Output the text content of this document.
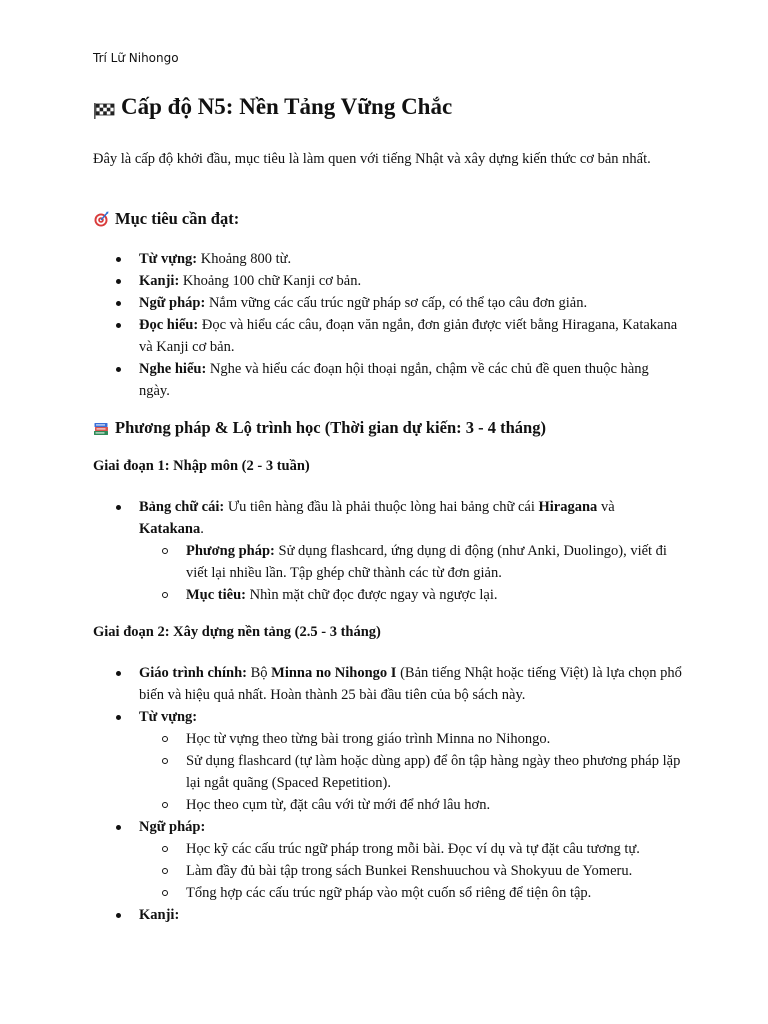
Trí Lữ Nihongo
Cấp độ N5: Nền Tảng Vững Chắc

Đây là cấp độ khởi đầu, mục tiêu là làm quen với tiếng Nhật và xây dựng kiến thức cơ bản nhất.

Mục tiêu cần đạt:
Từ vựng: Khoảng 800 từ.
Kanji: Khoảng 100 chữ Kanji cơ bản.
Ngữ pháp: Nắm vững các cấu trúc ngữ pháp sơ cấp, có thể tạo câu đơn giản.
Đọc hiểu: Đọc và hiểu các câu, đoạn văn ngắn, đơn giản được viết bằng Hiragana, Katakana và Kanji cơ bản.
Nghe hiểu: Nghe và hiểu các đoạn hội thoại ngắn, chậm về các chủ đề quen thuộc hàng ngày.
Phương pháp & Lộ trình học (Thời gian dự kiến: 3 - 4 tháng)
Giai đoạn 1: Nhập môn (2 - 3 tuần)
Bảng chữ cái: Ưu tiên hàng đầu là phải thuộc lòng hai bảng chữ cái Hiragana và Katakana.
Phương pháp: Sử dụng flashcard, ứng dụng di động (như Anki, Duolingo), viết đi viết lại nhiều lần. Tập ghép chữ thành các từ đơn giản.
Mục tiêu: Nhìn mặt chữ đọc được ngay và ngược lại.
Giai đoạn 2: Xây dựng nền tảng (2.5 - 3 tháng)
Giáo trình chính: Bộ Minna no Nihongo I (Bản tiếng Nhật hoặc tiếng Việt) là lựa chọn phổ biến và hiệu quả nhất. Hoàn thành 25 bài đầu tiên của bộ sách này.
Từ vựng:
Học từ vựng theo từng bài trong giáo trình Minna no Nihongo.
Sử dụng flashcard (tự làm hoặc dùng app) để ôn tập hàng ngày theo phương pháp lặp lại ngắt quãng (Spaced Repetition).
Học theo cụm từ, đặt câu với từ mới để nhớ lâu hơn.
Ngữ pháp:
Học kỹ các cấu trúc ngữ pháp trong mỗi bài. Đọc ví dụ và tự đặt câu tương tự.
Làm đầy đủ bài tập trong sách Bunkei Renshuuchou và Shokyuu de Yomeru.
Tổng hợp các cấu trúc ngữ pháp vào một cuốn sổ riêng để tiện ôn tập.
Kanji:
